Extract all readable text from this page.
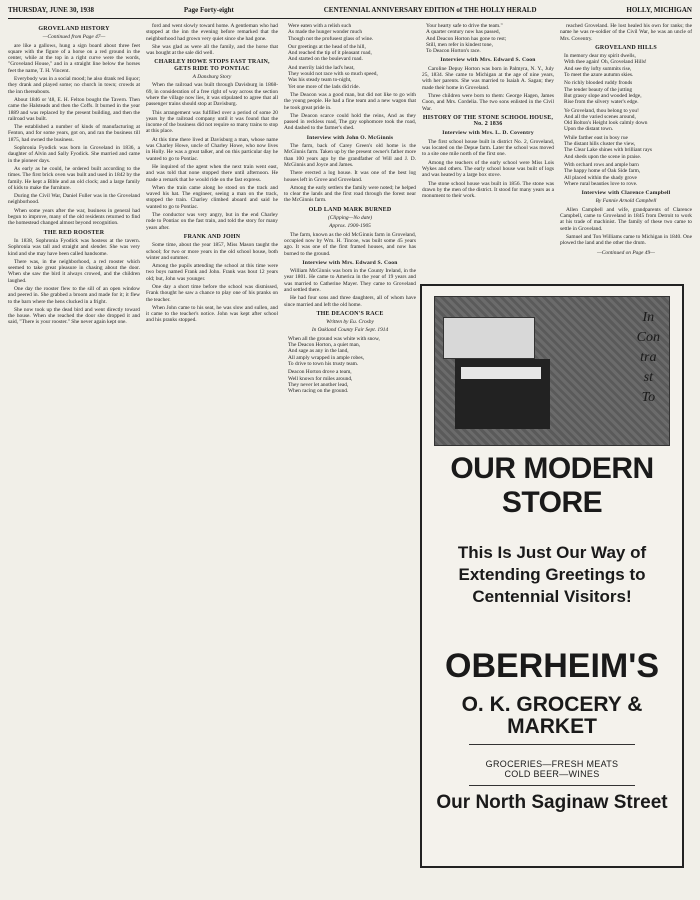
THURSDAY, JUNE 30, 1938	Page Forty-eight	CENTENNIAL ANNIVERSARY EDITION of THE HOLLY HERALD	HOLLY, MICHIGAN
GROVELAND HISTORY
—Continued from Page 47—

are like a gallows, hung a sign board about three feet square with the figure of a horse on a red ground in the center, while at the top in a right curve were the words, "Groveland House," and in a straight line below the horses feet the name, T. H. Vincent.

Everybody was in a social mood; he also drank red liquor; they drank and played some; no church in town; crowds at the inn thereabouts.

About 1846 or '48, E. H. Felton bought the Tavern. Then came the Halsteads and then the Coffs. It burned in the year 1889 and was replaced by the present building, and then the railroad was built.

The established a number of kinds of manufacturing at Fenton, and for some years, got on, and ran the business till 1875, had owned the business.

Sophronia Fyodick was born in Groveland in 1836, a daughter of Alvin and Sally Fyodick. She married and came in the pioneer days.

As early as he could, he ordered built according to the times. The first brick oven was built and used in 1842 by the family. He kept a Bible and an old clock; and a large family of kids to make the furniture.

During the Civil War, Daniel Fuller was in the Groveland neighborhood.

When some years after the war, business in general had begun to improve, many of the old residents returned to find the homestead changed almost beyond recognition.

THE RED ROOSTER

In 1838, Sophronia Fyodick was hostess at the tavern. Sophronia was tall and straight and slender. She was very kind and she may have been called handsome.

There was, in the neighborhood, a red rooster which seemed to take great pleasure in chasing about the door. When she saw the bird it always crowed, and the children laughed.

One day the rooster flew to the sill of an open window and peered in. She grabbed a broom and made for it; it flew to the barn where the hens clucked in a fright.

She now took up the dead bird and went directly toward the house. When she reached the door she dropped it and said, "There is your rooster." She never again kept one.

ford and went slowly toward home. A gentleman who had stopped at the inn the evening before remarked that the neighborhood had grown very quiet since she had gone.

She was glad as were all the family, and the horse that was bought at the sale did well.

CHARLEY HOWE STOPS FAST TRAIN, GETS RIDE TO PONTIAC
A Dansburg Story

When the railroad was built through Davisburg in 1868-69, in consideration of a free right of way across the section where the village now lies, it was stipulated to agree that all passenger trains should stop at Davisburg.

This arrangement was fulfilled over a period of some 20 years by the railroad company until it was found that the income of the business did not require so many trains to stop at this place.

At this time there lived at Davisburg a man, whose name was Charley Howe, uncle of Charley Howe, who now lives in Holly. He was a great talker, and on this particular day he wanted to go to Pontiac.

He inquired of the agent when the next train went east, and was told that none stopped there until afternoon. He made a remark that he would ride on the fast express.

When the train came along he stood on the track and waved his hat. The engineer, seeing a man on the track, stopped the train. Charley climbed aboard and said he wanted to go to Pontiac.

The conductor was very angry, but in the end Charley rode to Pontiac on the fast train, and told the story for many years after.

FRANK AND JOHN

Some time, about the year 1857, Miss Mason taught the school; for two or more years in the old school house, both winter and summer.

Among the pupils attending the school at this time were two boys named Frank and John. Frank was bout 12 years old; but, John was younger.

One day a short time before the school was dismissed, Frank thought he saw a chance to play one of his pranks on the teacher.

When John came to his seat, he was slow and sullen, and it came to the teacher's notice. John was kept after school and his pranks stopped.

Were eaten with a relish such
As made the hunger wonder much
Though not the profusest glass of wine.
Our greetings at the head of the hill,
And reached the tip of it pleasant road,
And started on the boulevard road.
And merrily laid the lad's heat,
They would not race with so much speed,
Was his steady team to-night,
Yet one more of the lads did ride.

The Deacon was a good man, but did not like to go with the young people. He had a fine team and a new wagon that he took great pride in.

The Deacon scarce could hold the reins, And as they passed in reckless road, The gay sophomore took the road, And dashed to the farmer's shed.

Interview with John O. McGinnis

The farm, back of Carey Green's old home is the McGinnis farm. Taken up by the present owner's father more than 100 years ago by the grandfather of Will and J. D. McGinnis and Joyce and James.

There erected a log house. It was one of the best log houses left in Grove and Groveland.

Among the early settlers the family were noted; he helped to clear the lands and the first road through the forest near the McGinnis farm.

OLD LAND MARK BURNED
(Clipping—No date)
Approx. 1900-1905

The farm, known as the old McGinnis farm in Groveland, occupied now by Wm. H. Tincoe, was built some 45 years ago. It was one of the first framed houses, and now has burned to the ground.

Interview with Mrs. Edward S. Coon

William McGinnis was born in the County Ireland, in the year 1801. He came to America in the year of 19 years and was married to Catherine Mayer. They came to Groveland and settled there.

He had four sons and three daughters, all of whom have since married and left the old home.

THE DEACON'S RACE
Written by Eu. Crosby
In Oakland County Fair Sept. 1914
When all the ground was white with snow,
The Deacon Horton, a quiet man,
And sage as any in the land,
All amply wrapped in ample robes,
To drive to town his trusty team.
Deacon Horton drove a team,
Well known for miles around,
They never let another lead,
When racing on the ground.
Your hearty safe to drive the team."
A quarter century now has passed,
And Deacon Horton has gone to rest;
Still, men refer in kindest tone,
To Deacon Horton's race.
Interview with Mrs. Edward S. Coon

Caroline Depuy Horton was born in Palmyra, N. Y., July 25, 1834. She came to Michigan at the age of nine years, with her parents. She was married to Isaiah A. Sagan; they made their home in Groveland.

Three children were born to them: George Hagen, James Coon, and Mrs. Cordelia. The two sons enlisted in the Civil War.

HISTORY OF THE STONE SCHOOL HOUSE, No. 2 1836
Interview with Mrs. L. D. Coventry

The first school house built in district No. 2, Groveland, was located on the Depue farm. Later the school was moved to a site one mile north of the first one.

Among the teachers of the early school were Miss Lois Wykes and others. The early school house was built of logs and was heated by a large box stove.

The stone school house was built in 1856. The stone was drawn by the men of the district. It stood for many years as a monument to their work.

reached Groveland. He lost healed his own for ranks; the name he was re-soldier of the Civil War, he was an uncle of Mrs. Coventry.

GROVELAND HILLS
In memory dear my spirit dwells,
With thee again! Oh, Groveland Hills!
And see thy lofty summits rise,
To meet the azure autumn skies.
No richly blooded ruddy fronds
The tender beauty of the jutting
But grassy slope and wooded ledge,
Rise from the silvery water's edge.
Ye Groveland, thou belong to you!
And all the varied scenes around,
Old Bolton's Height look calmly down
Upon the distant town.
While farther east in bosy rue
The distant hills cluster the view,
The Clear Lake shines with brilliant rays
And sheds upon the scene in praise.
With orchard rows and ample barn
The happy home of Oak Side farm,
All placed within the shady grove
Where rural beauties love to rove.
Interview with Clarence Campbell
By Fannie Arnold Campbell

Allen Campbell and wife, grandparents of Clarence Campbell, came to Groveland in 1845 from Detroit to work at his trade of machinist. The family of these two came to settle in Groveland.

Samuel and Ton Williams came to Michigan in 1840. One plowed the land and the other the drum.

—Continued on Page 49—
In
Con
tra
st
To
OUR MODERN STORE
This Is Just Our Way of Extending Greetings to Centennial Visitors!
OBERHEIM'S
O. K. GROCERY & MARKET
GROCERIES—FRESH MEATS
COLD BEER—WINES
Our North Saginaw Street
